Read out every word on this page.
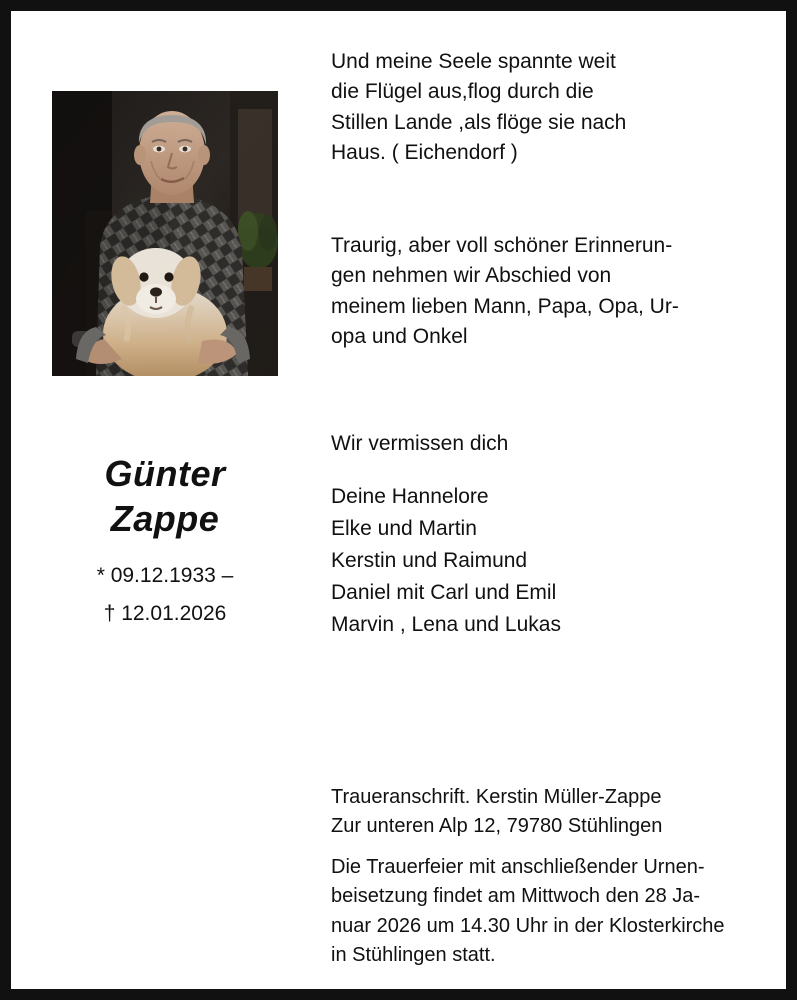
Günter
Zappe
* 09.12.1933 –
† 12.01.2026
Und meine Seele spannte weit
die Flügel aus,flog durch die
Stillen Lande ,als flöge sie nach
Haus. ( Eichendorf )
Traurig, aber voll schöner Erinnerun-
gen nehmen wir Abschied von
meinem lieben Mann, Papa, Opa, Ur-
opa und Onkel
Wir vermissen dich
Deine Hannelore
Elke und Martin
Kerstin und Raimund
Daniel mit Carl und Emil
Marvin , Lena und Lukas
Traueranschrift. Kerstin Müller-Zappe
Zur unteren Alp 12, 79780 Stühlingen
Die Trauerfeier mit anschließender Urnen-
beisetzung findet am Mittwoch den 28 Ja-
nuar 2026 um 14.30 Uhr in der Klosterkirche
in Stühlingen statt.
